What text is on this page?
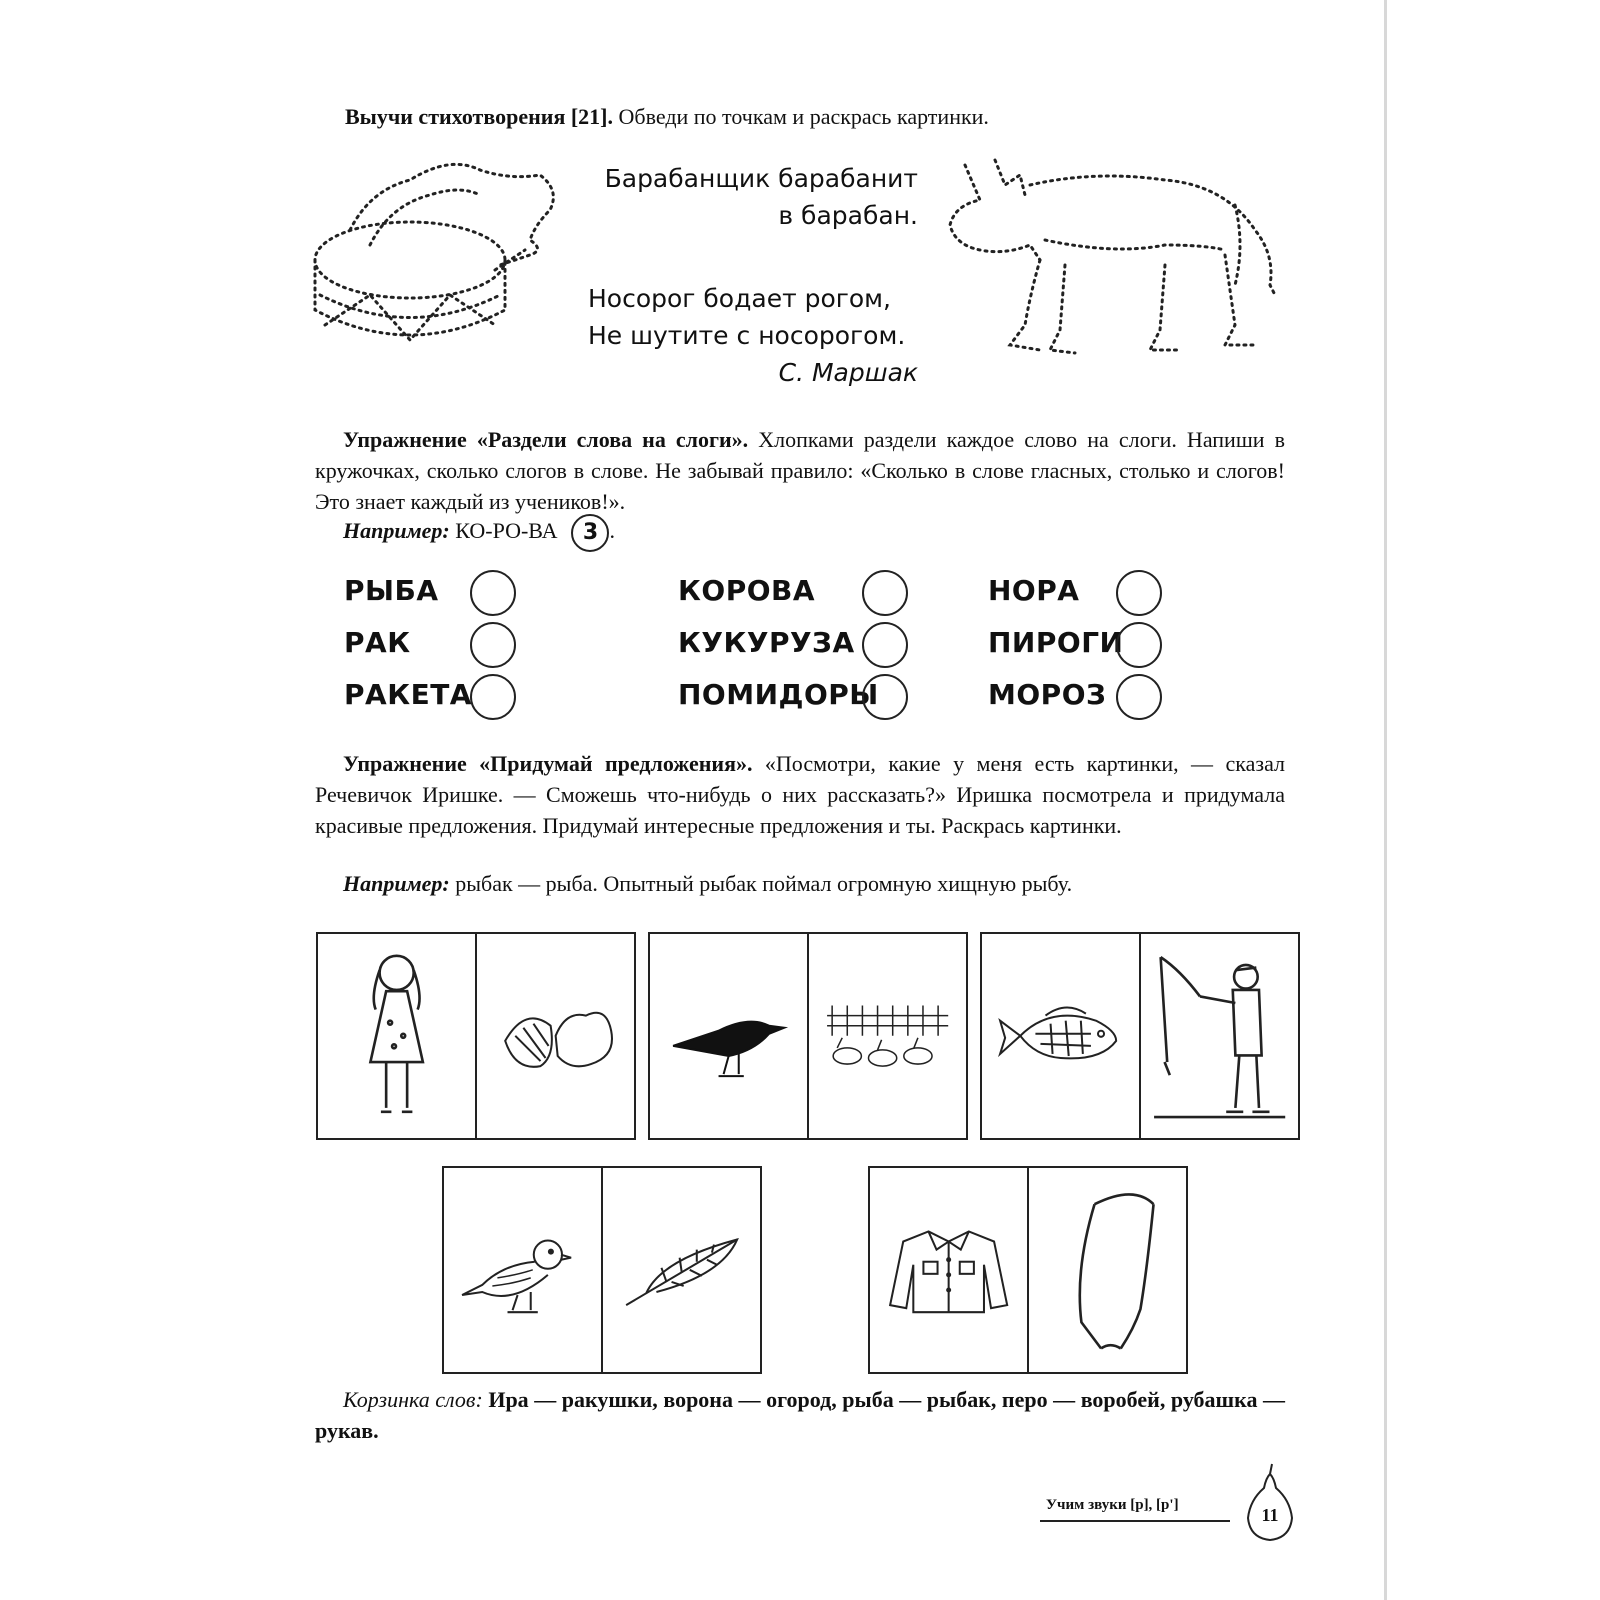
Выучи стихотворения [21]. Обведи по точкам и раскрась картинки.
Барабанщик барабанит
в барабан.
Носорог бодает рогом,
Не шутите с носорогом.
С. Маршак
Упражнение «Раздели слова на слоги». Хлопками раздели каждое слово на слоги. Напиши в кружочках, сколько слогов в слове. Не забывай правило: «Сколько в слове гласных, столько и слогов! Это знает каждый из учеников!».
Например: КО-РО-ВА 3 .
РЫБА
РАК
РАКЕТА
КОРОВА
КУКУРУЗА
ПОМИДОРЫ
НОРА
ПИРОГИ
МОРОЗ
Упражнение «Придумай предложения». «Посмотри, какие у меня есть картинки, — сказал Речевичок Иришке. — Сможешь что-нибудь о них рассказать?» Иришка посмотрела и придумала красивые предложения. Придумай интересные предложения и ты. Раскрась картинки.
Например: рыбак — рыба. Опытный рыбак поймал огромную хищную рыбу.
Корзинка слов: Ира — ракушки, ворона — огород, рыба — рыбак, перо — воробей, рубашка — рукав.
Учим звуки [р], [р']	11
